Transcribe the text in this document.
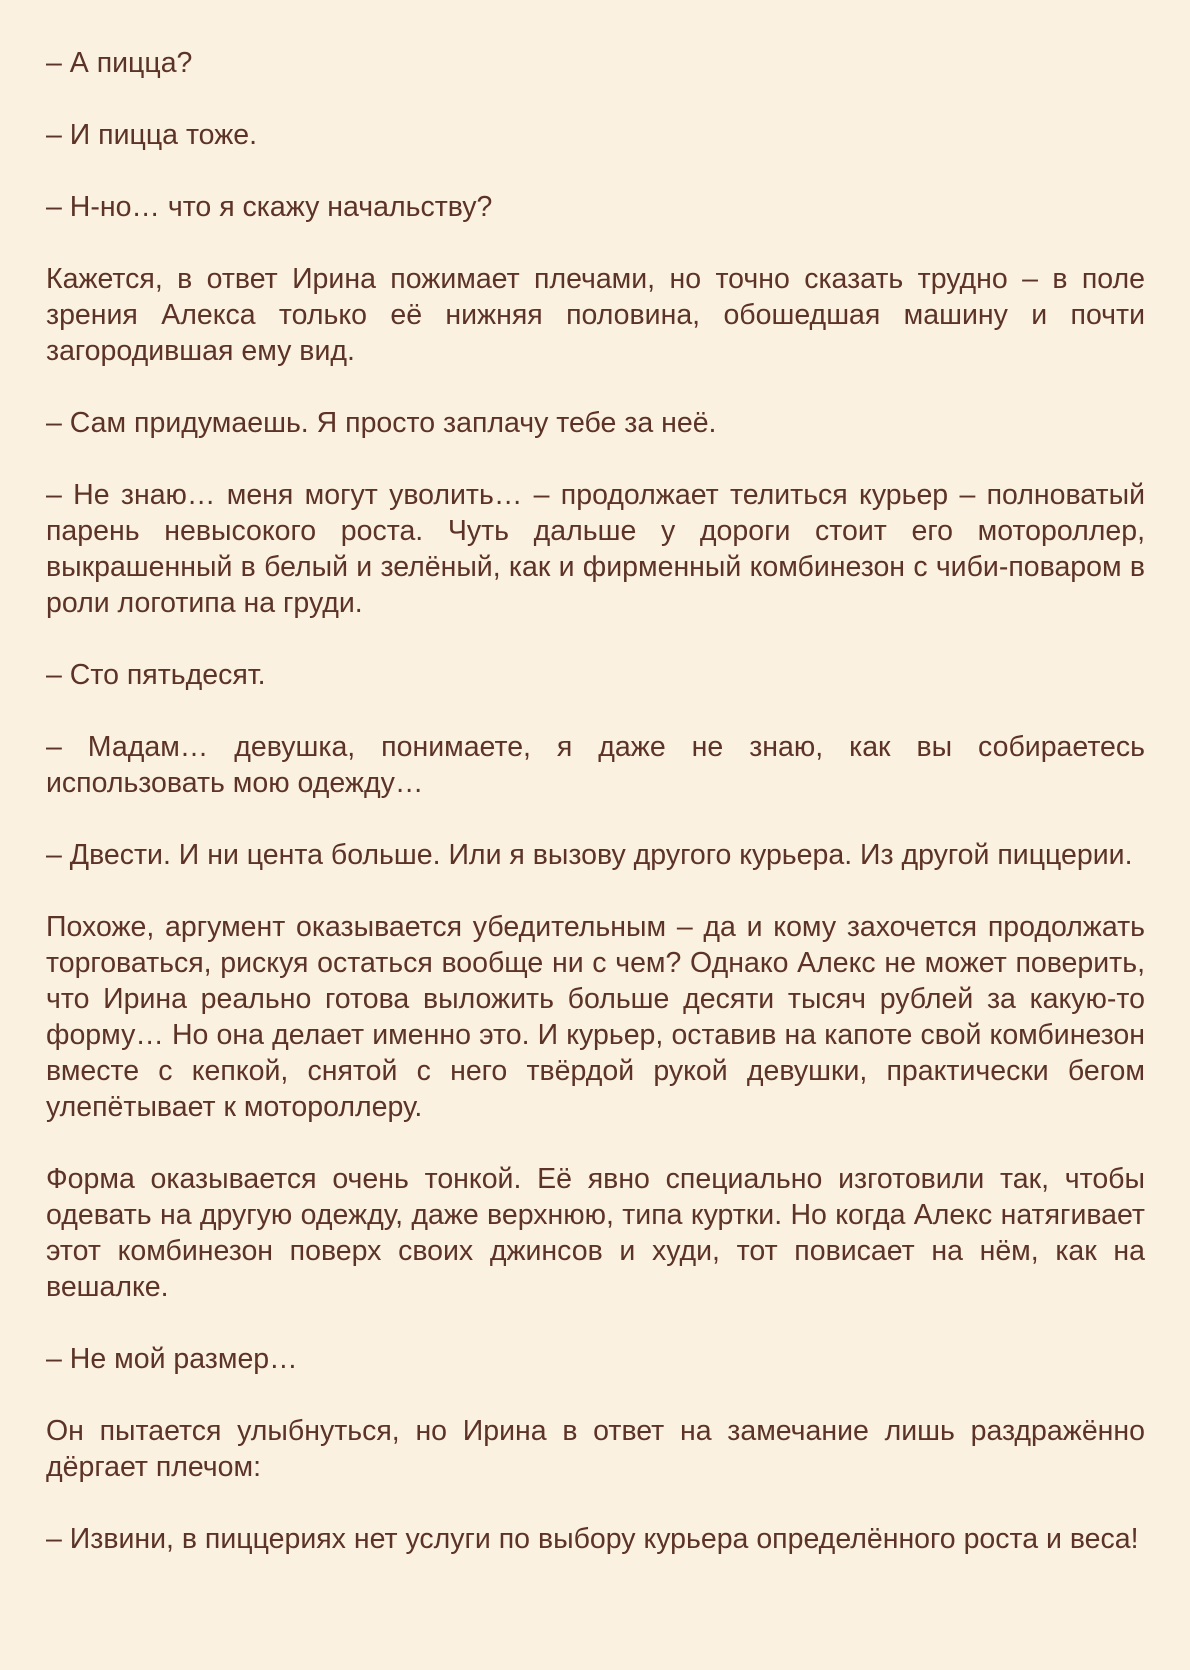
– А пицца?

– И пицца тоже.

– Н-но… что я скажу начальству?

Кажется, в ответ Ирина пожимает плечами, но точно сказать трудно – в поле зрения Алекса только её нижняя половина, обошедшая машину и почти загородившая ему вид.

– Сам придумаешь. Я просто заплачу тебе за неё.

– Не знаю… меня могут уволить… – продолжает телиться курьер – полноватый парень невысокого роста. Чуть дальше у дороги стоит его мотороллер, выкрашенный в белый и зелёный, как и фирменный комбинезон с чиби-поваром в роли логотипа на груди.

– Сто пятьдесят.

– Мадам… девушка, понимаете, я даже не знаю, как вы собираетесь использовать мою одежду…

– Двести. И ни цента больше. Или я вызову другого курьера. Из другой пиццерии.

Похоже, аргумент оказывается убедительным – да и кому захочется продолжать торговаться, рискуя остаться вообще ни с чем? Однако Алекс не может поверить, что Ирина реально готова выложить больше десяти тысяч рублей за какую-то форму… Но она делает именно это. И курьер, оставив на капоте свой комбинезон вместе с кепкой, снятой с него твёрдой рукой девушки, практически бегом улепётывает к мотороллеру.

Форма оказывается очень тонкой. Её явно специально изготовили так, чтобы одевать на другую одежду, даже верхнюю, типа куртки. Но когда Алекс натягивает этот комбинезон поверх своих джинсов и худи, тот повисает на нём, как на вешалке.

– Не мой размер…

Он пытается улыбнуться, но Ирина в ответ на замечание лишь раздражённо дёргает плечом:

– Извини, в пиццериях нет услуги по выбору курьера определённого роста и веса!
